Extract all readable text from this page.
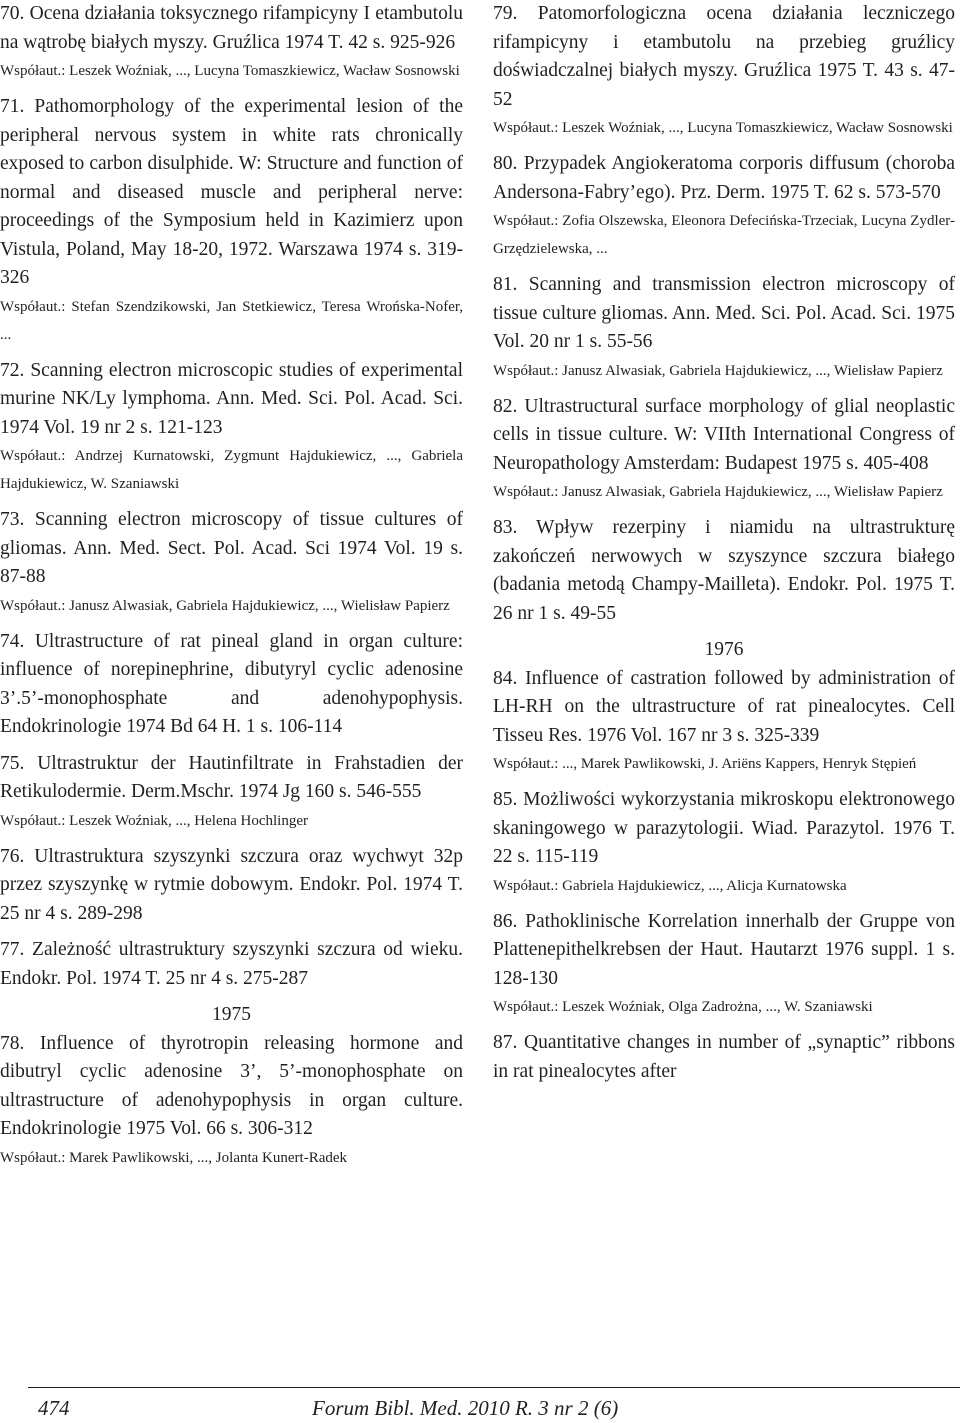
70. Ocena działania toksycznego rifampicyny I etambutolu na wątrobę białych myszy. Gruźlica 1974 T. 42 s. 925-926

Współaut.: Leszek Woźniak, ..., Lucyna Tomaszkiewicz, Wacław Sosnowski

71. Pathomorphology of the experimental lesion of the peripheral nervous system in white rats chronically exposed to carbon disulphide. W: Structure and function of normal and diseased muscle and peripheral nerve: proceedings of the Symposium held in Kazimierz upon Vistula, Poland, May 18-20, 1972. Warszawa 1974 s. 319-326

Współaut.: Stefan Szendzikowski, Jan Stetkiewicz, Teresa Wrońska-Nofer, ...

72. Scanning electron microscopic studies of experimental murine NK/Ly lymphoma. Ann. Med. Sci. Pol. Acad. Sci. 1974 Vol. 19 nr 2 s. 121-123

Współaut.: Andrzej Kurnatowski, Zygmunt Hajdukiewicz, ..., Gabriela Hajdukiewicz, W. Szaniawski

73. Scanning electron microscopy of tissue cultures of gliomas. Ann. Med. Sect. Pol. Acad. Sci 1974 Vol. 19 s. 87-88

Współaut.: Janusz Alwasiak, Gabriela Hajdukiewicz, ..., Wielisław Papierz

74. Ultrastructure of rat pineal gland in organ culture: influence of norepinephrine, dibutyryl cyclic adenosine 3’.5’-monophosphate and adenohypophysis. Endokrinologie 1974 Bd 64 H. 1 s. 106-114

75. Ultrastruktur der Hautinfiltrate in Frahstadien der Retikulodermie. Derm.Mschr. 1974 Jg 160 s. 546-555

Współaut.: Leszek Woźniak, ..., Helena Hochlinger

76. Ultrastruktura szyszynki szczura oraz wychwyt 32p przez szyszynkę w rytmie dobowym. Endokr. Pol. 1974 T. 25 nr 4 s. 289-298

77. Zależność ultrastruktury szyszynki szczura od wieku. Endokr. Pol. 1974 T. 25 nr 4 s. 275-287

1975

78. Influence of thyrotropin releasing hormone and dibutryl cyclic adenosine 3’, 5’-monophosphate on ultrastructure of adenohypophysis in organ culture. Endokrinologie 1975 Vol. 66 s. 306-312

Współaut.: Marek Pawlikowski, ..., Jolanta Kunert-Radek

79. Patomorfologiczna ocena działania leczniczego rifampicyny i etambutolu na przebieg gruźlicy doświadczalnej białych myszy. Gruźlica 1975 T. 43 s. 47-52

Współaut.: Leszek Woźniak, ..., Lucyna Tomaszkiewicz, Wacław Sosnowski

80. Przypadek Angiokeratoma corporis diffusum (choroba Andersona-Fabry’ego). Prz. Derm. 1975 T. 62 s. 573-570

Współaut.: Zofia Olszewska, Eleonora Defecińska-Trzeciak, Lucyna Zydler-Grzędzielewska, ...

81. Scanning and transmission electron microscopy of tissue culture gliomas. Ann. Med. Sci. Pol. Acad. Sci. 1975 Vol. 20 nr 1 s. 55-56

Współaut.: Janusz Alwasiak, Gabriela Hajdukiewicz, ..., Wielisław Papierz

82. Ultrastructural surface morphology of glial neoplastic cells in tissue culture. W: VIIth International Congress of Neuropathology Amsterdam: Budapest 1975 s. 405-408

Współaut.: Janusz Alwasiak, Gabriela Hajdukiewicz, ..., Wielisław Papierz

83. Wpływ rezerpiny i niamidu na ultrastrukturę zakończeń nerwowych w szyszynce szczura białego (badania metodą Champy-Mailleta). Endokr. Pol. 1975 T. 26 nr 1 s. 49-55

1976

84. Influence of castration followed by administration of LH-RH on the ultrastructure of rat pinealocytes. Cell Tisseu Res. 1976 Vol. 167 nr 3 s. 325-339

Współaut.: ..., Marek Pawlikowski, J. Ariëns Kappers, Henryk Stępień

85. Możliwości wykorzystania mikroskopu elektronowego skaningowego w parazytologii. Wiad. Parazytol. 1976 T. 22 s. 115-119

Współaut.: Gabriela Hajdukiewicz, ..., Alicja Kurnatowska

86. Pathoklinische Korrelation innerhalb der Gruppe von Plattenepithelkrebsen der Haut. Hautarzt 1976 suppl. 1 s. 128-130

Współaut.: Leszek Woźniak, Olga Zadrożna, ..., W. Szaniawski

87. Quantitative changes in number of „synaptic” ribbons in rat pinealocytes after

474	Forum Bibl. Med. 2010 R. 3 nr 2 (6)
